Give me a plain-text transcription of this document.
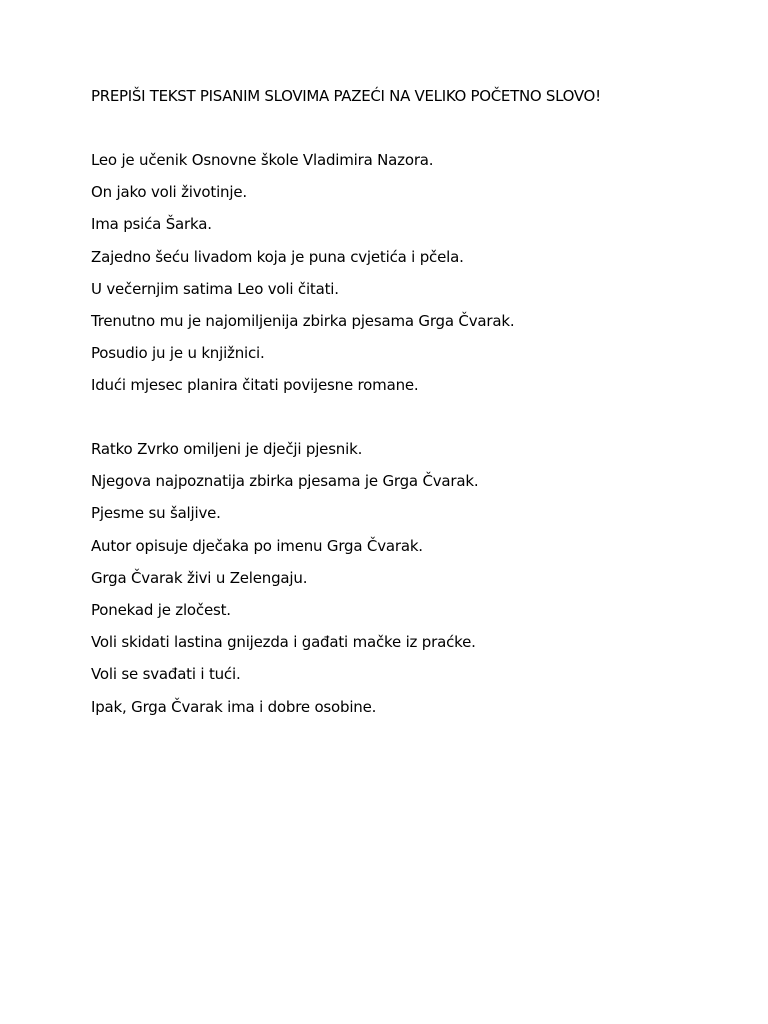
PREPIŠI TEKST PISANIM SLOVIMA PAZEĆI NA VELIKO POČETNO SLOVO!
Leo je učenik Osnovne škole Vladimira Nazora.
On jako voli životinje.
Ima psića Šarka.
Zajedno šeću livadom koja je puna cvjetića i pčela.
U večernjim satima Leo voli čitati.
Trenutno mu je najomiljenija zbirka pjesama Grga Čvarak.
Posudio ju je u knjižnici.
Idući mjesec planira čitati povijesne romane.
Ratko Zvrko omiljeni je dječji pjesnik.
Njegova najpoznatija zbirka pjesama je Grga Čvarak.
Pjesme su šaljive.
Autor opisuje dječaka po imenu Grga Čvarak.
Grga Čvarak živi u Zelengaju.
Ponekad je zločest.
Voli skidati lastina gnijezda i gađati mačke iz praćke.
Voli se svađati i tući.
Ipak, Grga Čvarak ima i dobre osobine.
